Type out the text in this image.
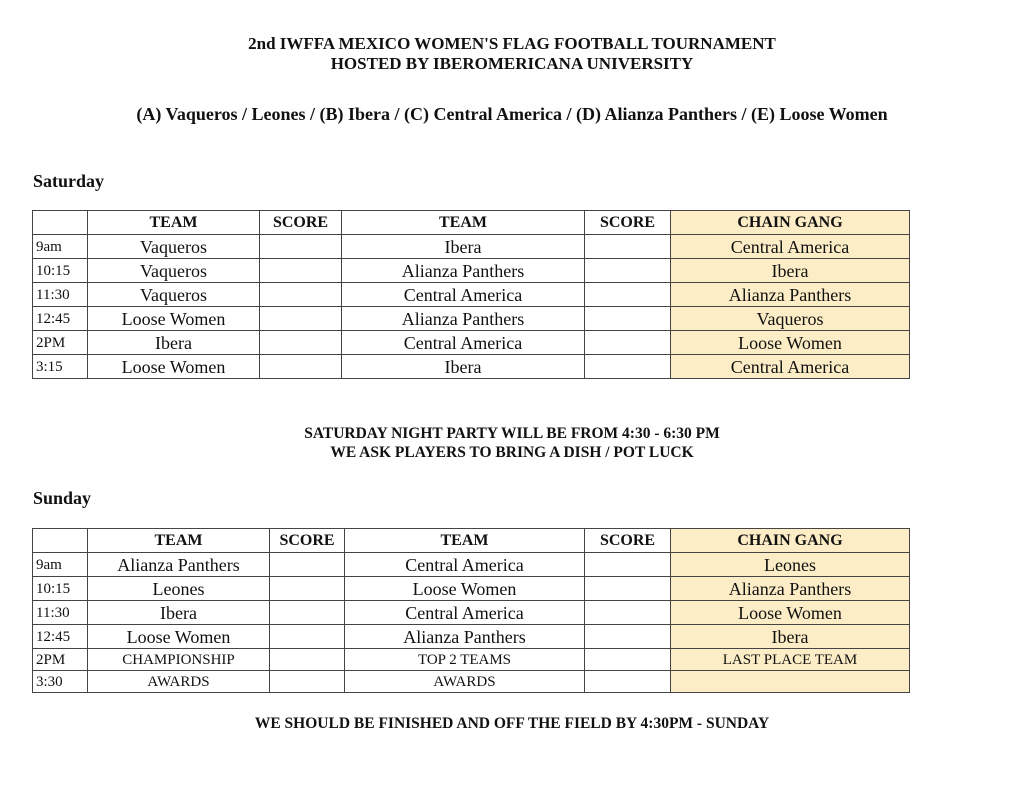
2nd IWFFA MEXICO WOMEN'S FLAG FOOTBALL TOURNAMENT
HOSTED BY IBEROMERICANA UNIVERSITY
(A) Vaqueros / Leones / (B) Ibera / (C) Central America / (D) Alianza Panthers / (E) Loose Women
Saturday
	TEAM	SCORE	TEAM	SCORE	CHAIN GANG
9am	Vaqueros		Ibera		Central America
10:15	Vaqueros		Alianza Panthers		Ibera
11:30	Vaqueros		Central America		Alianza Panthers
12:45	Loose Women		Alianza Panthers		Vaqueros
2PM	Ibera		Central America		Loose Women
3:15	Loose Women		Ibera		Central America
SATURDAY NIGHT PARTY WILL BE FROM 4:30 - 6:30 PM
WE ASK PLAYERS TO BRING A DISH / POT LUCK
Sunday
	TEAM	SCORE	TEAM	SCORE	CHAIN GANG
9am	Alianza Panthers		Central America		Leones
10:15	Leones		Loose Women		Alianza Panthers
11:30	Ibera		Central America		Loose Women
12:45	Loose Women		Alianza Panthers		Ibera
2PM	CHAMPIONSHIP		TOP 2 TEAMS		LAST PLACE TEAM
3:30	AWARDS		AWARDS		
WE SHOULD BE FINISHED AND OFF THE FIELD BY 4:30PM - SUNDAY
